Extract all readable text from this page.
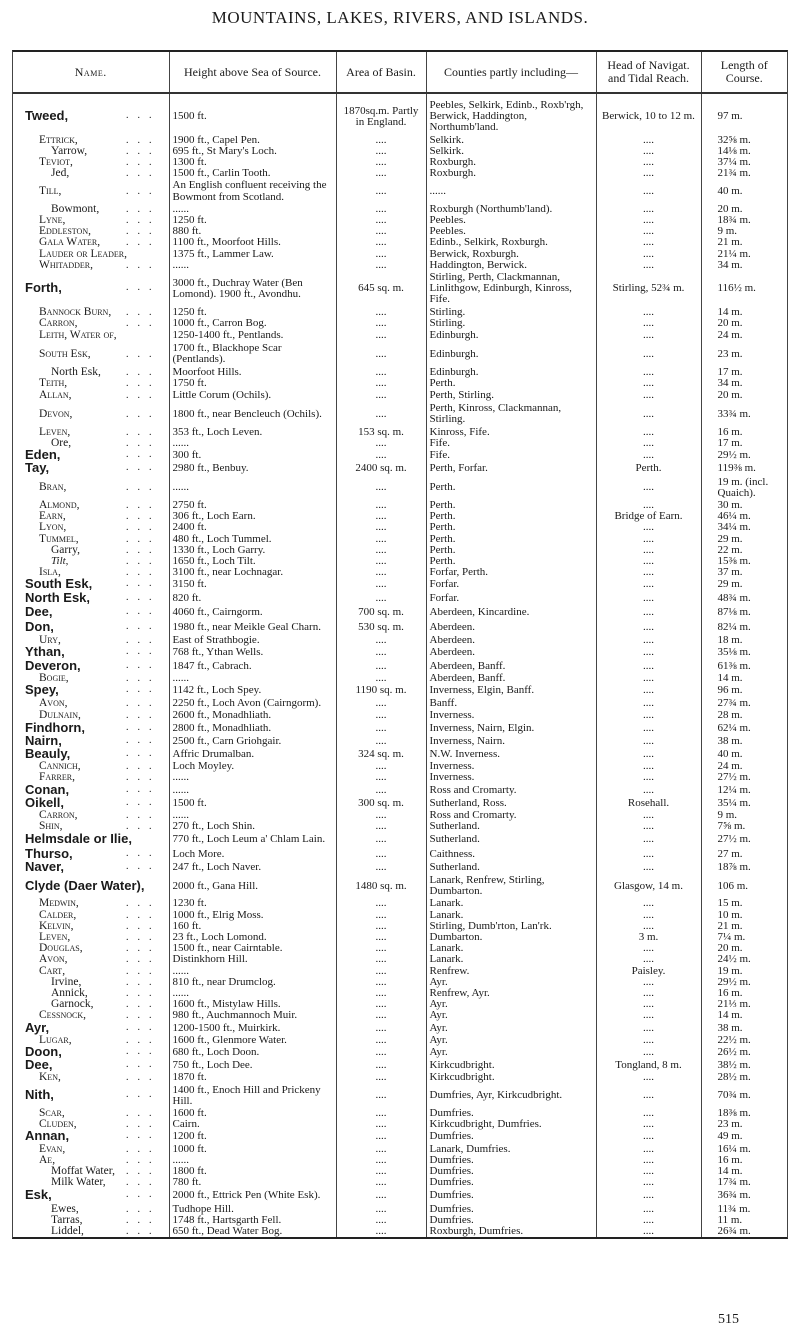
MOUNTAINS, LAKES, RIVERS, AND ISLANDS.
Name.	Height above Sea of Source.	Area of Basin.	Counties partly including—	Head of Navigat. and Tidal Reach.	Length of Course.
Tweed, ...	1500 ft.	1870sq.m. Partly in England.	Peebles, Selkirk, Edinb., Roxb'rgh, Berwick, Haddington, Northumb'land.	Berwick, 10 to 12 m.	97 m.
Ettrick, ...	1900 ft., Capel Pen.	....	Selkirk.	....	32⅝ m.
Yarrow, ...	695 ft., St Mary's Loch.	....	Selkirk.	....	14⅛ m.
Teviot, ...	1300 ft.	....	Roxburgh.	....	37¼ m.
Jed, ...	1500 ft., Carlin Tooth.	....	Roxburgh.	....	21¾ m.
Till, ...	An English confluent receiving the Bowmont from Scotland.	....	......	....	40 m.
Bowmont, ...	......	....	Roxburgh (Northumb'land).	....	20 m.
Lyne, ...	1250 ft.	....	Peebles.	....	18¾ m.
Eddleston, ...	880 ft.	....	Peebles.	....	9 m.
Gala Water, ...	1100 ft., Moorfoot Hills.	....	Edinb., Selkirk, Roxburgh.	....	21 m.
Lauder or Leader,	1375 ft., Lammer Law.	....	Berwick, Roxburgh.	....	21¼ m.
Whitadder, ...	......	....	Haddington, Berwick.	....	34 m.
Forth, ...	3000 ft., Duchray Water (Ben Lomond). 1900 ft., Avondhu.	645 sq. m.	Stirling, Perth, Clackmannan, Linlithgow, Edinburgh, Kinross, Fife.	Stirling, 52¾ m.	116½ m.
Bannock Burn, ...	1250 ft.	....	Stirling.	....	14 m.
Carron, ...	1000 ft., Carron Bog.	....	Stirling.	....	20 m.
Leith, Water of,	1250-1400 ft., Pentlands.	....	Edinburgh.	....	24 m.
South Esk, ...	1700 ft., Blackhope Scar (Pentlands).	....	Edinburgh.	....	23 m.
North Esk, ...	Moorfoot Hills.	....	Edinburgh.	....	17 m.
Teith, ...	1750 ft.	....	Perth.	....	34 m.
Allan, ...	Little Corum (Ochils).	....	Perth, Stirling.	....	20 m.
Devon, ...	1800 ft., near Bencleuch (Ochils).	....	Perth, Kinross, Clackmannan, Stirling.	....	33¾ m.
Leven, ...	353 ft., Loch Leven.	153 sq. m.	Kinross, Fife.	....	16 m.
Ore, ...	......	....	Fife.	....	17 m.
Eden, ...	300 ft.	....	Fife.	....	29½ m.
Tay, ...	2980 ft., Benbuy.	2400 sq. m.	Perth, Forfar.	Perth.	119⅜ m.
Bran, ...	......	....	Perth.	....	19 m. (incl. Quaich).
Almond, ...	2750 ft.	....	Perth.	....	30 m.
Earn, ...	306 ft., Loch Earn.	....	Perth.	Bridge of Earn.	46¼ m.
Lyon, ...	2400 ft.	....	Perth.	....	34¼ m.
Tummel, ...	480 ft., Loch Tummel.	....	Perth.	....	29 m.
Garry, ...	1330 ft., Loch Garry.	....	Perth.	....	22 m.
Tilt, ...	1650 ft., Loch Tilt.	....	Perth.	....	15⅜ m.
Isla, ...	3100 ft., near Lochnagar.	....	Forfar, Perth.	....	37 m.
South Esk, ...	3150 ft.	....	Forfar.	....	29 m.
North Esk, ...	820 ft.	....	Forfar.	....	48¾ m.
Dee, ...	4060 ft., Cairngorm.	700 sq. m.	Aberdeen, Kincardine.	....	87⅛ m.
Don, ...	1980 ft., near Meikle Geal Charn.	530 sq. m.	Aberdeen.	....	82¼ m.
Ury, ...	East of Strathbogie.	....	Aberdeen.	....	18 m.
Ythan, ...	768 ft., Ythan Wells.	....	Aberdeen.	....	35⅛ m.
Deveron, ...	1847 ft., Cabrach.	....	Aberdeen, Banff.	....	61⅜ m.
Bogie, ...	......	....	Aberdeen, Banff.	....	14 m.
Spey, ...	1142 ft., Loch Spey.	1190 sq. m.	Inverness, Elgin, Banff.	....	96 m.
Avon, ...	2250 ft., Loch Avon (Cairngorm).	....	Banff.	....	27¾ m.
Dulnain, ...	2600 ft., Monadhliath.	....	Inverness.	....	28 m.
Findhorn, ...	2800 ft., Monadhliath.	....	Inverness, Nairn, Elgin.	....	62¼ m.
Nairn, ...	2500 ft., Carn Griohgair.	....	Inverness, Nairn.	....	38 m.
Beauly, ...	Affric Drumalban.	324 sq. m.	N.W. Inverness.	....	40 m.
Cannich, ...	Loch Moyley.	....	Inverness.	....	24 m.
Farrer, ...	......	....	Inverness.	....	27½ m.
Conan, ...	......	....	Ross and Cromarty.	....	12¼ m.
Oikell, ...	1500 ft.	300 sq. m.	Sutherland, Ross.	Rosehall.	35¼ m.
Carron, ...	......	....	Ross and Cromarty.	....	9 m.
Shin, ...	270 ft., Loch Shin.	....	Sutherland.	....	7⅝ m.
Helmsdale or Ilie,	770 ft., Loch Leum a' Chlam Lain.	....	Sutherland.	....	27½ m.
Thurso, ...	Loch More.	....	Caithness.	....	27 m.
Naver, ...	247 ft., Loch Naver.	....	Sutherland.	....	18⅞ m.
Clyde (Daer Water),	2000 ft., Gana Hill.	1480 sq. m.	Lanark, Renfrew, Stirling, Dumbarton.	Glasgow, 14 m.	106 m.
Medwin, ...	1230 ft.	....	Lanark.	....	15 m.
Calder, ...	1000 ft., Elrig Moss.	....	Lanark.	....	10 m.
Kelvin, ...	160 ft.	....	Stirling, Dumb'rton, Lan'rk.	....	21 m.
Leven, ...	23 ft., Loch Lomond.	....	Dumbarton.	3 m.	7¼ m.
Douglas, ...	1500 ft., near Cairntable.	....	Lanark.	....	20 m.
Avon, ...	Distinkhorn Hill.	....	Lanark.	....	24½ m.
Cart, ...	......	....	Renfrew.	Paisley.	19 m.
Irvine, ...	810 ft., near Drumclog.	....	Ayr.	....	29½ m.
Annick, ...	......	....	Renfrew, Ayr.	....	16 m.
Garnock, ...	1600 ft., Mistylaw Hills.	....	Ayr.	....	21⅓ m.
Cessnock, ...	980 ft., Auchmannoch Muir.	....	Ayr.	....	14 m.
Ayr, ...	1200-1500 ft., Muirkirk.	....	Ayr.	....	38 m.
Lugar, ...	1600 ft., Glenmore Water.	....	Ayr.	....	22½ m.
Doon, ...	680 ft., Loch Doon.	....	Ayr.	....	26½ m.
Dee, ...	750 ft., Loch Dee.	....	Kirkcudbright.	Tongland, 8 m.	38½ m.
Ken, ...	1870 ft.	....	Kirkcudbright.	....	28½ m.
Nith, ...	1400 ft., Enoch Hill and Prickeny Hill.	....	Dumfries, Ayr, Kirkcudbright.	....	70¾ m.
Scar, ...	1600 ft.	....	Dumfries.	....	18⅜ m.
Cluden, ...	Cairn.	....	Kirkcudbright, Dumfries.	....	23 m.
Annan, ...	1200 ft.	....	Dumfries.	....	49 m.
Evan, ...	1000 ft.	....	Lanark, Dumfries.	....	16¼ m.
Ae, ...	......	....	Dumfries.	....	16 m.
Moffat Water, ...	1800 ft.	....	Dumfries.	....	14 m.
Milk Water, ...	780 ft.	....	Dumfries.	....	17¾ m.
Esk, ...	2000 ft., Ettrick Pen (White Esk).	....	Dumfries.	....	36¾ m.
Ewes, ...	Tudhope Hill.	....	Dumfries.	....	11¾ m.
Tarras, ...	1748 ft., Hartsgarth Fell.	....	Dumfries.	....	11 m.
Liddel, ...	650 ft., Dead Water Bog.	....	Roxburgh, Dumfries.	....	26¾ m.
515
